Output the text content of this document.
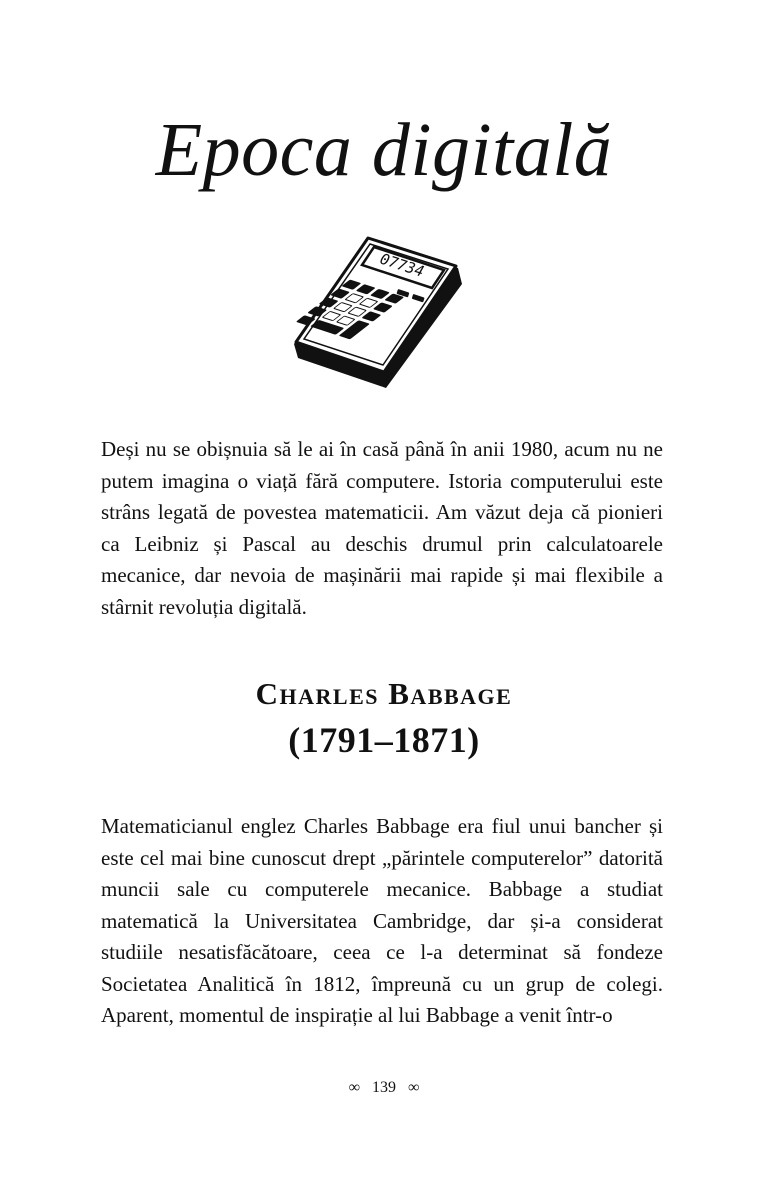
Epoca digitală
07734

Deși nu se obișnuia să le ai în casă până în anii 1980, acum nu ne putem imagina o viață fără computere. Istoria computerului este strâns legată de povestea matematicii. Am văzut deja că pionieri ca Leibniz și Pascal au deschis drumul prin calculatoarele mecanice, dar nevoia de mașinării mai rapide și mai flexibile a stârnit revoluția digitală.

Charles Babbage
(1791–1871)

Matematicianul englez Charles Babbage era fiul unui bancher și este cel mai bine cunoscut drept „părintele computerelor” datorită muncii sale cu computerele mecanice. Babbage a studiat matematică la Universitatea Cambridge, dar și-a considerat studiile nesatisfăcătoare, ceea ce l-a determinat să fondeze Societatea Analitică în 1812, împreună cu un grup de colegi. Aparent, momentul de inspirație al lui Babbage a venit într-o

∞ 139 ∞
